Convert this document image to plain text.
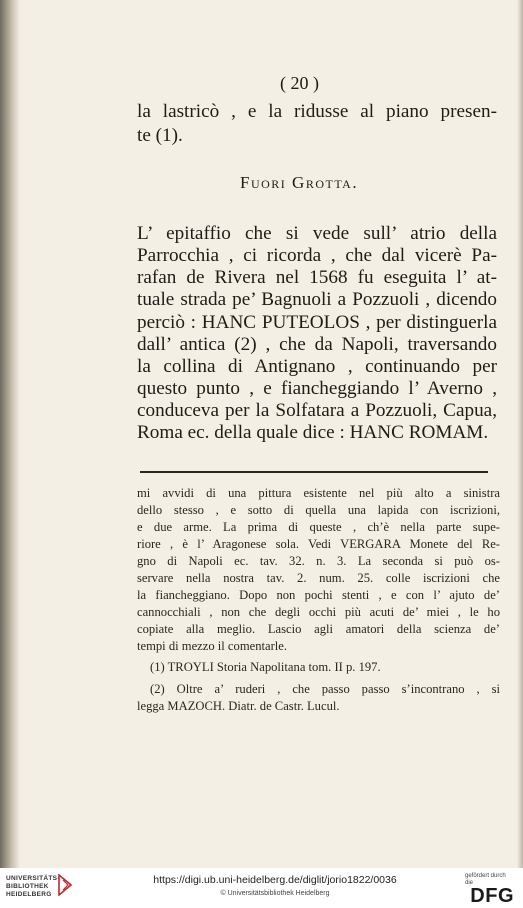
( 20 )
la lastricò , e la ridusse al piano presen-
te (1).
Fuori Grotta.
L’ epitaffio che si vede sull’ atrio della
Parrocchia , ci ricorda , che dal vicerè Pa-
rafan de Rivera nel 1568 fu eseguita l’ at-
tuale strada pe’ Bagnuoli a Pozzuoli , dicendo
perciò : HANC PUTEOLOS , per distinguerla
dall’ antica (2) , che da Napoli, traversando
la collina di Antignano , continuando per
questo punto , e fiancheggiando l’ Averno ,
conduceva per la Solfatara a Pozzuoli, Capua,
Roma ec. della quale dice : HANC ROMAM.
mi avvidi di una pittura esistente nel più alto a sinistra
dello stesso , e sotto di quella una lapida con iscrizioni,
e due arme. La prima di queste , ch’è nella parte supe-
riore , è l’ Aragonese sola. Vedi VERGARA Monete del Re-
gno di Napoli ec. tav. 32. n. 3. La seconda si può os-
servare nella nostra tav. 2. num. 25. colle iscrizioni che
la fiancheggiano. Dopo non pochi stenti , e con l’ ajuto de’
cannocchiali , non che degli occhi più acuti de’ miei , le ho
copiate alla meglio. Lascio agli amatori della scienza de’
tempi di mezzo il comentarle.
(1) TROYLI Storia Napolitana tom. II p. 197.
(2) Oltre a’ ruderi , che passo passo s’incontrano , si
legga MAZOCH. Diatr. de Castr. Lucul.
UNIVERSITÄTS-
BIBLIOTHEK
HEIDELBERG
https://digi.ub.uni-heidelberg.de/diglit/jorio1822/0036
© Universitätsbibliothek Heidelberg
gefördert durch
die
DFG
